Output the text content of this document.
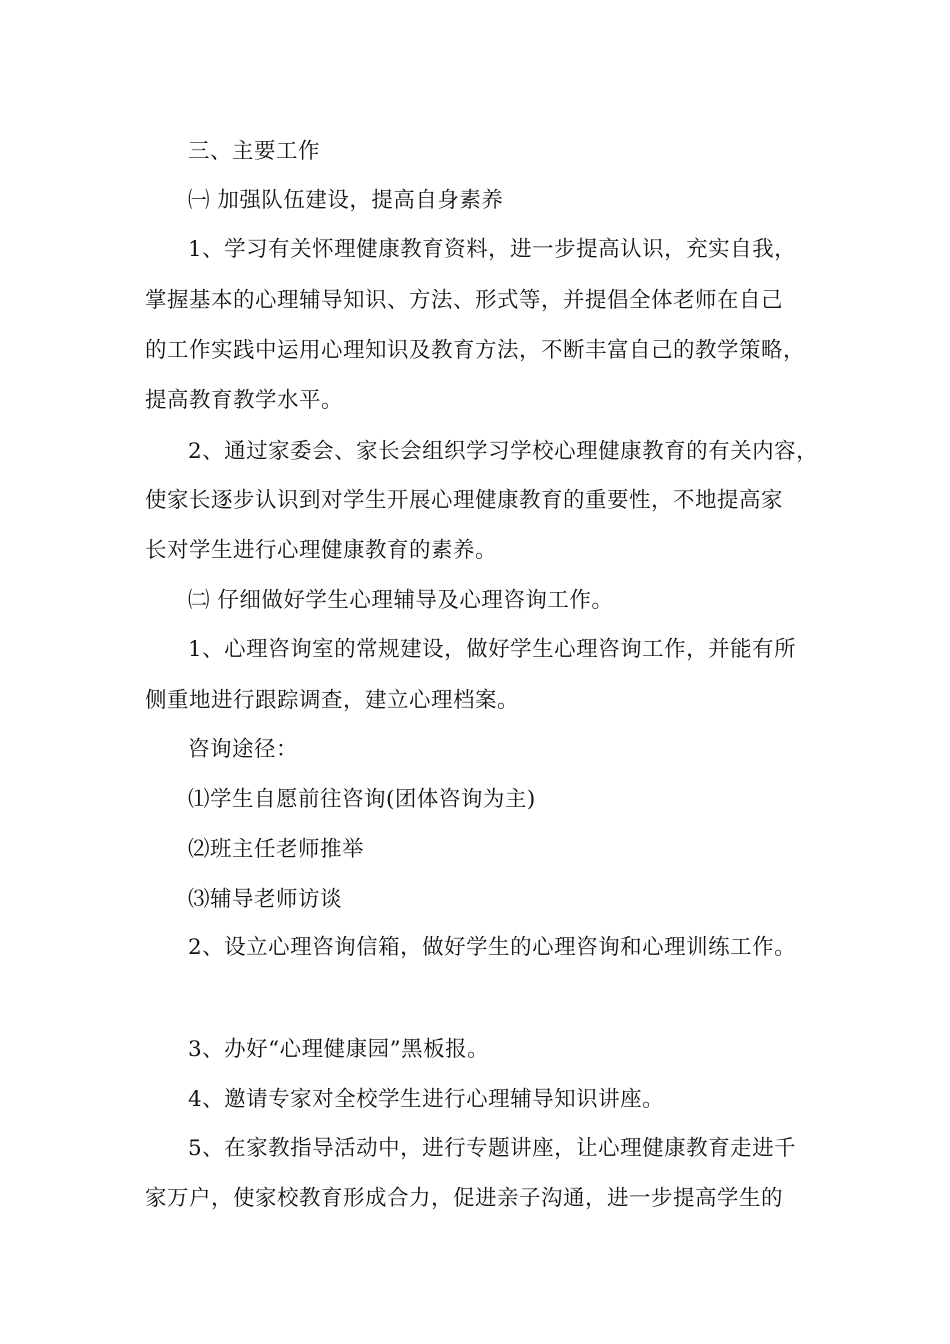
三、主要工作
㈠ 加强队伍建设，提高自身素养
1、学习有关怀理健康教育资料，进一步提高认识，充实自我，
掌握基本的心理辅导知识、方法、形式等，并提倡全体老师在自己
的工作实践中运用心理知识及教育方法，不断丰富自己的教学策略，
提高教育教学水平。
2、通过家委会、家长会组织学习学校心理健康教育的有关内容，
使家长逐步认识到对学生开展心理健康教育的重要性，不地提高家
长对学生进行心理健康教育的素养。
㈡ 仔细做好学生心理辅导及心理咨询工作。
1、心理咨询室的常规建设，做好学生心理咨询工作，并能有所
侧重地进行跟踪调查，建立心理档案。
咨询途径：
⑴学生自愿前往咨询(团体咨询为主)
⑵班主任老师推举
⑶辅导老师访谈
2、设立心理咨询信箱，做好学生的心理咨询和心理训练工作。
3、办好“心理健康园”黑板报。
4、邀请专家对全校学生进行心理辅导知识讲座。
5、在家教指导活动中，进行专题讲座，让心理健康教育走进千
家万户，使家校教育形成合力，促进亲子沟通，进一步提高学生的
